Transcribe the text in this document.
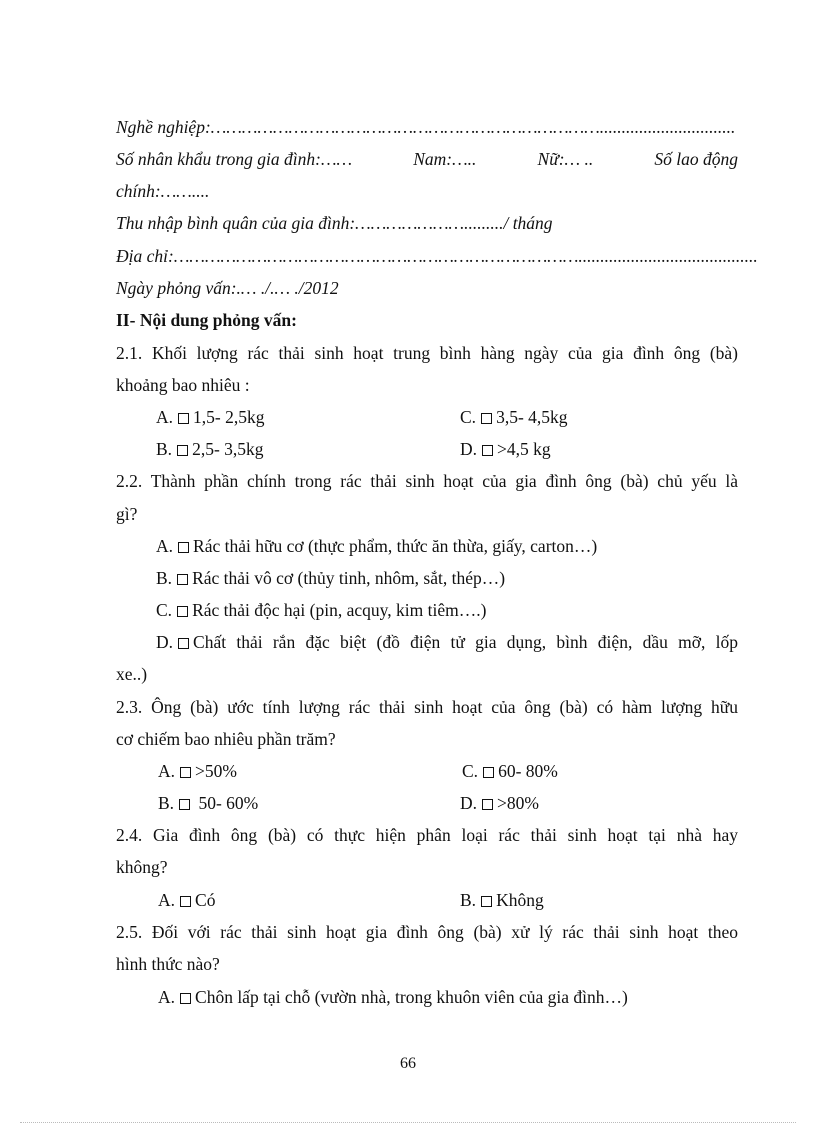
Nghề nghiệp:…………………………………………………………………...............................
Số nhân khẩu trong gia đình:……	Nam:…..	Nữ:… ..	Số lao động
chính:……....
Thu nhập bình quân của gia đình:…………………........./ tháng
Địa chỉ:…………………………………………………………………….........................................
Ngày phỏng vấn:.… ./.… ./2012
II- Nội dung phỏng vấn:
2.1. Khối lượng rác thải sinh hoạt trung bình hàng ngày của gia đình ông (bà)
khoảng bao nhiêu :
A. 1,5- 2,5kg	C. 3,5- 4,5kg
B. 2,5- 3,5kg	D. >4,5 kg
2.2. Thành phần chính trong rác thải sinh hoạt của gia đình ông (bà) chủ yếu là
gì?
A. Rác thải hữu cơ (thực phẩm, thức ăn thừa, giấy, carton…)
B. Rác thải vô cơ (thủy tinh, nhôm, sắt, thép…)
C. Rác thải độc hại (pin, acquy, kim tiêm….)
D. Chất thải rắn đặc biệt (đồ điện tử gia dụng, bình điện, dầu mỡ, lốp
xe..)
2.3. Ông (bà) ước tính lượng rác thải sinh hoạt của ông (bà) có hàm lượng hữu
cơ chiếm bao nhiêu phần trăm?
A. >50%	C. 60- 80%
B. 50- 60%	D. >80%
2.4. Gia đình ông (bà) có thực hiện phân loại rác thải sinh hoạt tại nhà hay
không?
A. Có	B. Không
2.5. Đối với rác thải sinh hoạt gia đình ông (bà) xử lý rác thải sinh hoạt theo
hình thức nào?
A. Chôn lấp tại chỗ (vườn nhà, trong khuôn viên của gia đình…)
66
